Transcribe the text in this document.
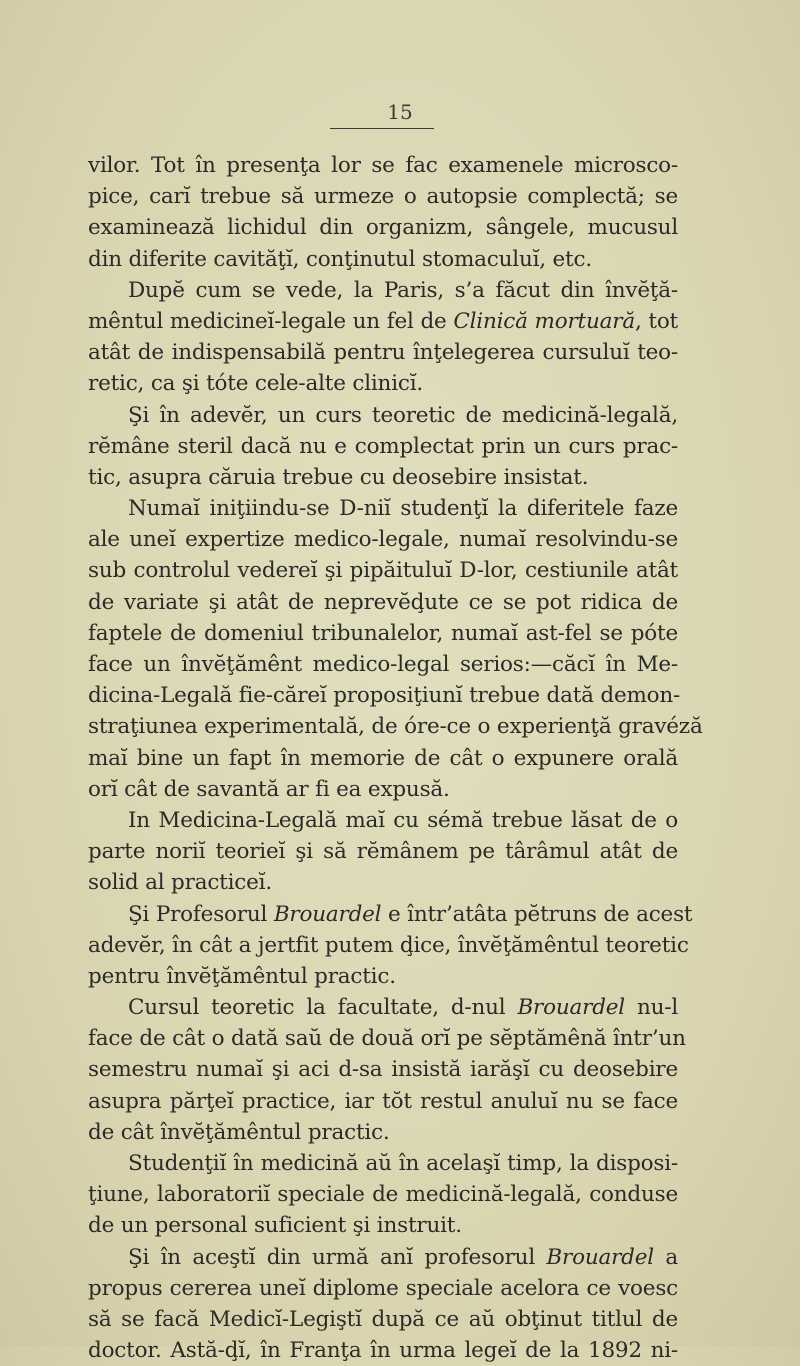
15
vilor. Tot în presenţa lor se fac examenele microsco-
pice, carĭ trebue să urmeze o autopsie complectă; se
examinează lichidul din organizm, sângele, mucusul
din diferite cavităţĭ, conţinutul stomaculuĭ, etc.
Dupĕ cum se vede, la Paris, s’a făcut din învĕţă-
mêntul medicineĭ-legale un fel de Clinică mortuară, tot
atât de indispensabilă pentru înţelegerea cursuluĭ teo-
retic, ca şi tóte cele-alte clinicĭ.
Şi în adevĕr, un curs teoretic de medicină-legală,
rĕmâne steril dacă nu e complectat prin un curs prac-
tic, asupra căruia trebue cu deosebire insistat.
Numaĭ iniţiindu-se D-niĭ studenţĭ la diferitele faze
ale uneĭ expertize medico-legale, numaĭ resolvindu-se
sub controlul vedereĭ şi pipăituluĭ D-lor, cestiunile atât
de variate şi atât de neprevĕḑute ce se pot ridica de
faptele de domeniul tribunalelor, numaĭ ast-fel se póte
face un învĕţămênt medico-legal serios:—căcĭ în Me-
dicina-Legală fie-căreĭ proposiţiunĭ trebue dată demon-
straţiunea experimentală, de óre-ce o experienţă gravéză
maĭ bine un fapt în memorie de cât o expunere orală
orĭ cât de savantă ar fi ea expusă.
In Medicina-Legală maĭ cu sémă trebue lăsat de o
parte noriĭ teorieĭ şi să rĕmânem pe târâmul atât de
solid al practiceĭ.
Şi Profesorul Brouardel e într’atâta pĕtruns de acest
adevĕr, în cât a jertfit putem ḑice, învĕţămêntul teoretic
pentru învĕţămêntul practic.
Cursul teoretic la facultate, d-nul Brouardel nu-l
face de cât o dată saŭ de două orĭ pe sĕptămênă într’un
semestru numaĭ şi aci d-sa insistă iarăşĭ cu deosebire
asupra părţeĭ practice, iar tŏt restul anuluĭ nu se face
de cât învĕţămêntul practic.
Studenţiĭ în medicină aŭ în acelaşĭ timp, la disposi-
ţiune, laboratoriĭ speciale de medicină-legală, conduse
de un personal suficient şi instruit.
Şi în aceştĭ din urmă anĭ profesorul Brouardel a
propus cererea uneĭ diplome speciale acelora ce voesc
să se facă Medicĭ-Legiştĭ după ce aŭ obţinut titlul de
doctor. Astă-ḑĭ, în Franţa în urma legeĭ de la 1892 ni-
